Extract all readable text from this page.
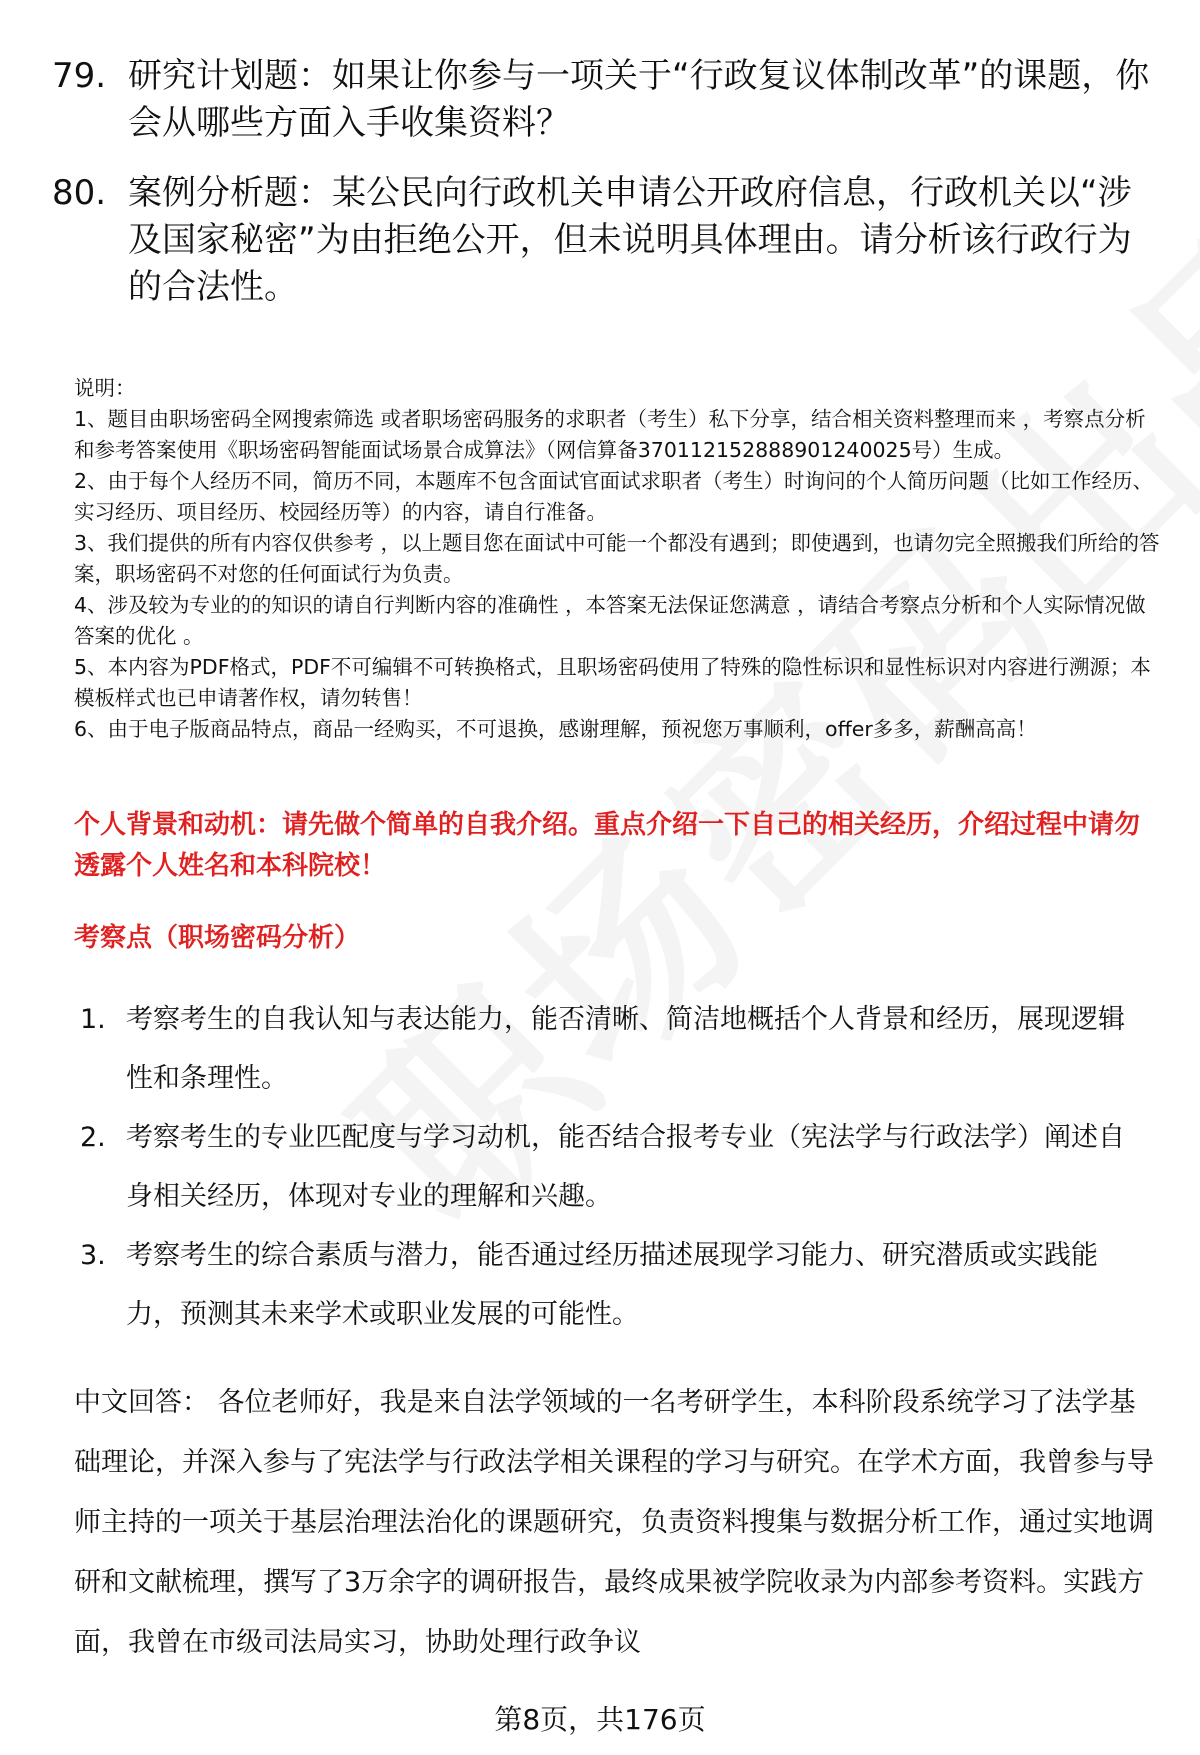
79. 研究计划题：如果让你参与一项关于“行政复议体制改革”的课题，你会从哪些方面入手收集资料？
80. 案例分析题：某公民向行政机关申请公开政府信息，行政机关以“涉及国家秘密”为由拒绝公开，但未说明具体理由。请分析该行政行为的合法性。

说明：

1、题目由职场密码全网搜索筛选 或者职场密码服务的求职者（考生）私下分享，结合相关资料整理而来 ，考察点分析和参考答案使用《职场密码智能面试场景合成算法》（网信算备370112152888901240025号）生成。

2、由于每个人经历不同，简历不同，本题库不包含面试官面试求职者（考生）时询问的个人简历问题（比如工作经历、实习经历、项目经历、校园经历等）的内容，请自行准备。

3、我们提供的所有内容仅供参考 ，以上题目您在面试中可能一个都没有遇到；即使遇到，也请勿完全照搬我们所给的答案，职场密码不对您的任何面试行为负责。

4、涉及较为专业的的知识的请自行判断内容的准确性 ，本答案无法保证您满意 ，请结合考察点分析和个人实际情况做答案的优化 。

5、本内容为PDF格式，PDF不可编辑不可转换格式，且职场密码使用了特殊的隐性标识和显性标识对内容进行溯源；本模板样式也已申请著作权，请勿转售！

6、由于电子版商品特点，商品一经购买，不可退换，感谢理解，预祝您万事顺利，offer多多，薪酬高高！

个人背景和动机：请先做个简单的自我介绍。重点介绍一下自己的相关经历，介绍过程中请勿透露个人姓名和本科院校！
考察点（职场密码分析）
1. 考察考生的自我认知与表达能力，能否清晰、简洁地概括个人背景和经历，展现逻辑性和条理性。
2. 考察考生的专业匹配度与学习动机，能否结合报考专业（宪法学与行政法学）阐述自身相关经历，体现对专业的理解和兴趣。
3. 考察考生的综合素质与潜力，能否通过经历描述展现学习能力、研究潜质或实践能力，预测其未来学术或职业发展的可能性。

中文回答： 各位老师好，我是来自法学领域的一名考研学生，本科阶段系统学习了法学基础理论，并深入参与了宪法学与行政法学相关课程的学习与研究。在学术方面，我曾参与导师主持的一项关于基层治理法治化的课题研究，负责资料搜集与数据分析工作，通过实地调研和文献梳理，撰写了3万余字的调研报告，最终成果被学院收录为内部参考资料。实践方面，我曾在市级司法局实习，协助处理行政争议

第8页，共176页
